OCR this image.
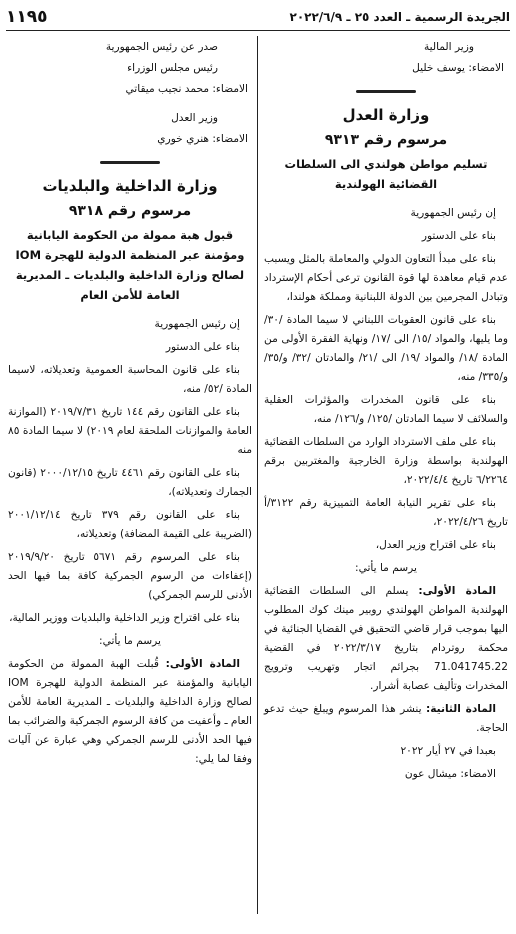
الجريدة الرسمية ـ العدد ٢٥ ـ ٢٠٢٢/٦/٩
١١٩٥
وزير المالية
الامضاء: يوسف خليل
وزارة العدل
مرسوم رقم ٩٣١٣
تسليم مواطن هولندي الى السلطات القضائية الهولندية

إن رئيس الجمهورية

بناء على الدستور

بناء على مبدأ التعاون الدولي والمعاملة بالمثل ويسبب عدم قيام معاهدة لها قوة القانون ترعى أحكام الإسترداد وتبادل المجرمين بين الدولة اللبنانية ومملكة هولندا،

بناء على قانون العقوبات اللبناني لا سيما المادة /٣٠/ وما يليها، والمواد /١٥/ الى /١٧/ ونهاية الفقرة الأولى من المادة /١٨/ والمواد /١٩/ الى /٢١/ والمادتان /٣٢/ و/٣٥/ و/٣٣٥/ منه،

بناء على قانون المخدرات والمؤثرات العقلية والسلائف لا سيما المادتان /١٢٥/ و/١٢٦/ منه،

بناء على ملف الاسترداد الوارد من السلطات القضائية الهولندية بواسطة وزارة الخارجية والمغتربين برقم ٦/٢٢٦٤ تاريخ ٢٠٢٢/٤/٤،

بناء على تقرير النيابة العامة التمييزية رقم ٣١٢٢/أ تاريخ ٢٠٢٢/٤/٢٦،

بناء على اقتراح وزير العدل،

يرسم ما يأتي:

المادة الأولى: يسلم الى السلطات القضائية الهولندية المواطن الهولندي روبير مينك كوك المطلوب اليها بموجب قرار قاضي التحقيق في القضايا الجنائية في محكمة روتردام بتاريخ ٢٠٢٢/٣/١٧ في القضية 71.041745.22 بجرائم اتجار وتهريب وترويج المخدرات وتأليف عصابة أشرار.

المادة الثانية: ينشر هذا المرسوم ويبلغ حيث تدعو الحاجة.

بعبدا في ٢٧ أيار ٢٠٢٢

الامضاء: ميشال عون

صدر عن رئيس الجمهورية
رئيس مجلس الوزراء
الامضاء: محمد نجيب ميقاتي
وزير العدل
الامضاء: هنري خوري
وزارة الداخلية والبلديات
مرسوم رقم ٩٣١٨
قبول هبة ممولة من الحكومة اليابانية ومؤمنة عبر المنظمة الدولية للهجرة IOM لصالح وزارة الداخلية والبلديات ـ المديرية العامة للأمن العام

إن رئيس الجمهورية

بناء على الدستور

بناء على قانون المحاسبة العمومية وتعديلاته، لاسيما المادة /٥٢/ منه،

بناء على القانون رقم ١٤٤ تاريخ ٢٠١٩/٧/٣١ (الموازنة العامة والموازنات الملحقة لعام ٢٠١٩) لا سيما المادة ٨٥ منه

بناء على القانون رقم ٤٤٦١ تاريخ ٢٠٠٠/١٢/١٥ (قانون الجمارك وتعديلاته)،

بناء على القانون رقم ٣٧٩ تاريخ ٢٠٠١/١٢/١٤ (الضريبة على القيمة المضافة) وتعديلاته،

بناء على المرسوم رقم ٥٦٧١ تاريخ ٢٠١٩/٩/٢٠ (إعفاءات من الرسوم الجمركية كافة بما فيها الحد الأدنى للرسم الجمركي)

بناء على اقتراح وزير الداخلية والبلديات ووزير المالية،

يرسم ما يأتي:

المادة الأولى: قُبلت الهبة الممولة من الحكومة اليابانية والمؤمنة عبر المنظمة الدولية للهجرة IOM لصالح وزارة الداخلية والبلديات ـ المديرية العامة للأمن العام ـ وأعفيت من كافة الرسوم الجمركية والضرائب بما فيها الحد الأدنى للرسم الجمركي وهي عبارة عن آليات وفقا لما يلي:
